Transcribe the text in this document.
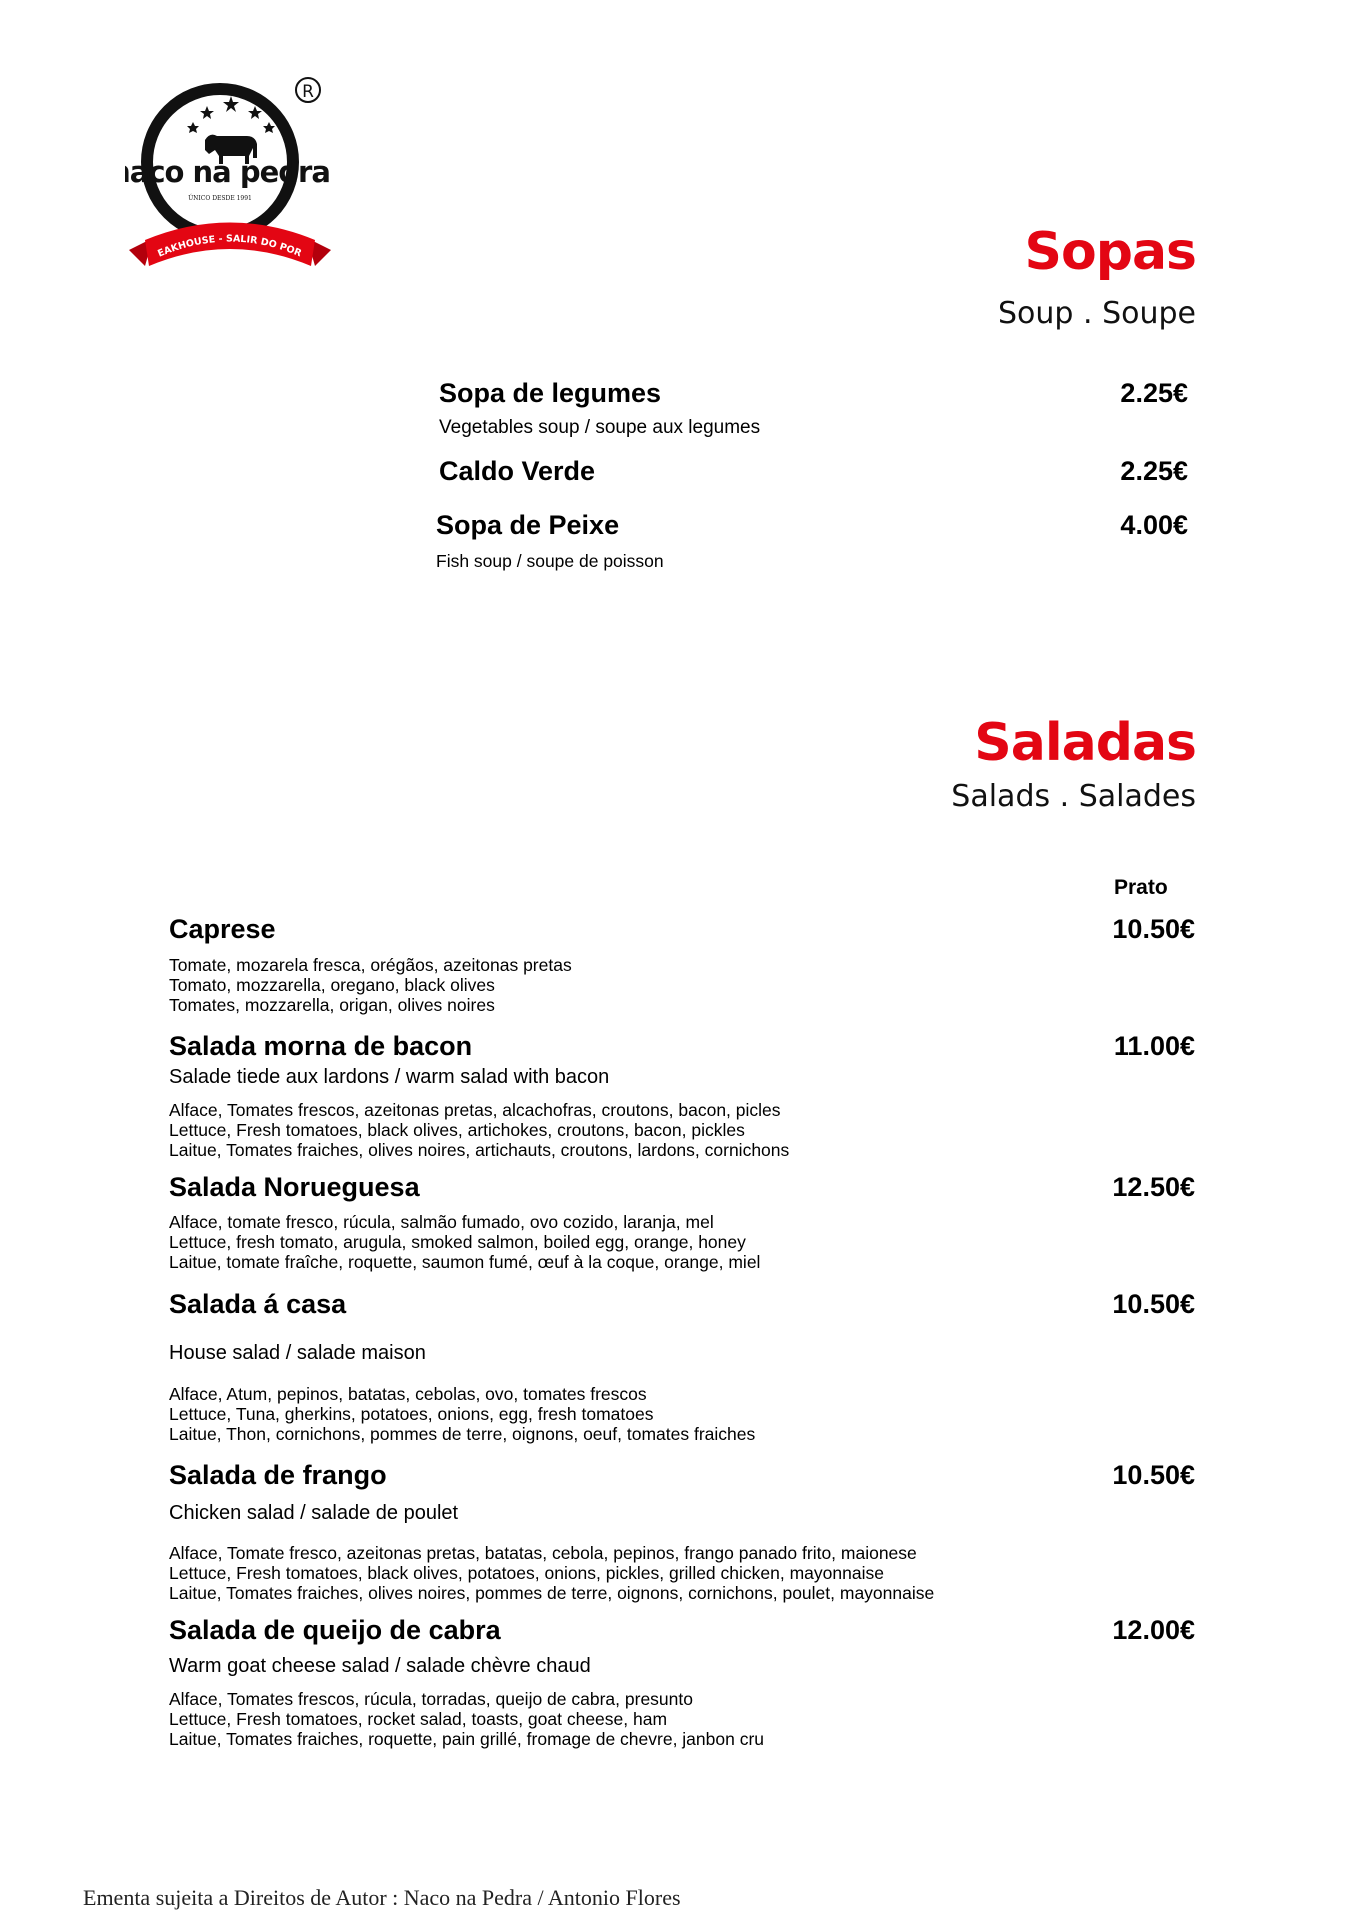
naco na pedra
ÚNICO DESDE 1991
EAKHOUSE - SALIR DO POR
R
Sopas
Soup . Soupe
Sopa de legumes	2.25€
Vegetables soup / soupe aux legumes
Caldo Verde	2.25€
Sopa de Peixe	4.00€
Fish soup / soupe de poisson
Saladas
Salads . Salades
Prato
Caprese	10.50€
Tomate, mozarela fresca, orégãos, azeitonas pretas
Tomato, mozzarella, oregano, black olives
Tomates, mozzarella, origan, olives noires
Salada morna de bacon	11.00€
Salade tiede aux lardons / warm salad with bacon
Alface, Tomates frescos, azeitonas pretas, alcachofras, croutons, bacon, picles
Lettuce, Fresh tomatoes, black olives, artichokes, croutons, bacon, pickles
Laitue, Tomates fraiches, olives noires, artichauts, croutons, lardons, cornichons
Salada Norueguesa	12.50€
Alface, tomate fresco, rúcula, salmão fumado, ovo cozido, laranja, mel
Lettuce, fresh tomato, arugula, smoked salmon, boiled egg, orange, honey
Laitue, tomate fraîche, roquette, saumon fumé, œuf à la coque, orange, miel
Salada á casa	10.50€
House salad / salade maison
Alface, Atum, pepinos, batatas, cebolas, ovo, tomates frescos
Lettuce, Tuna, gherkins, potatoes, onions, egg, fresh tomatoes
Laitue, Thon, cornichons, pommes de terre, oignons, oeuf, tomates fraiches
Salada de frango	10.50€
Chicken salad / salade de poulet
Alface, Tomate fresco, azeitonas pretas, batatas, cebola, pepinos, frango panado frito, maionese
Lettuce, Fresh tomatoes, black olives, potatoes, onions, pickles, grilled chicken, mayonnaise
Laitue, Tomates fraiches, olives noires, pommes de terre, oignons, cornichons, poulet, mayonnaise
Salada de queijo de cabra	12.00€
Warm goat cheese salad / salade chèvre chaud
Alface, Tomates frescos, rúcula, torradas, queijo de cabra, presunto
Lettuce, Fresh tomatoes, rocket salad, toasts, goat cheese, ham
Laitue, Tomates fraiches, roquette, pain grillé, fromage de chevre, janbon cru
Ementa sujeita a Direitos de Autor : Naco na Pedra / Antonio Flores
